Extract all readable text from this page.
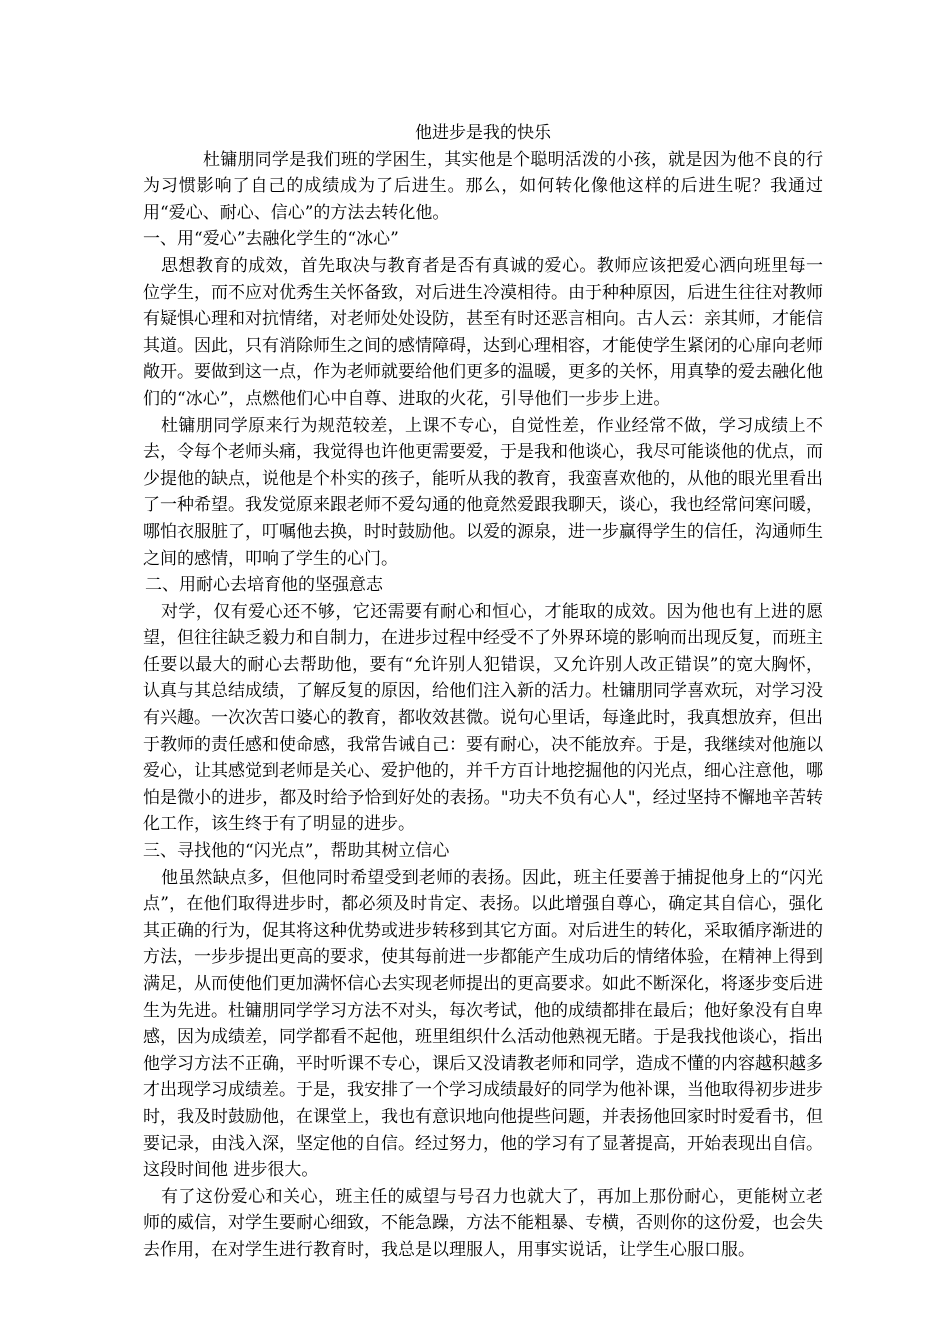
他进步是我的快乐

杜镛朋同学是我们班的学困生，其实他是个聪明活泼的小孩，就是因为他不良的行为习惯影响了自己的成绩成为了后进生。那么，如何转化像他这样的后进生呢？我通过用“爱心、耐心、信心”的方法去转化他。

一、用“爱心”去融化学生的“冰心”

思想教育的成效，首先取决与教育者是否有真诚的爱心。教师应该把爱心洒向班里每一位学生，而不应对优秀生关怀备致，对后进生冷漠相待。由于种种原因，后进生往往对教师有疑惧心理和对抗情绪，对老师处处设防，甚至有时还恶言相向。古人云：亲其师，才能信其道。因此，只有消除师生之间的感情障碍，达到心理相容，才能使学生紧闭的心扉向老师敞开。要做到这一点，作为老师就要给他们更多的温暖，更多的关怀，用真挚的爱去融化他们的“冰心”，点燃他们心中自尊、进取的火花，引导他们一步步上进。

杜镛朋同学原来行为规范较差，上课不专心，自觉性差，作业经常不做，学习成绩上不去，令每个老师头痛，我觉得也许他更需要爱，于是我和他谈心，我尽可能谈他的优点，而少提他的缺点，说他是个朴实的孩子，能听从我的教育，我蛮喜欢他的，从他的眼光里看出了一种希望。我发觉原来跟老师不爱勾通的他竟然爱跟我聊天，谈心，我也经常问寒问暖，哪怕衣服脏了，叮嘱他去换，时时鼓励他。以爱的源泉，进一步赢得学生的信任，沟通师生之间的感情，叩响了学生的心门。

二、用耐心去培育他的坚强意志

对学，仅有爱心还不够，它还需要有耐心和恒心，才能取的成效。因为他也有上进的愿望，但往往缺乏毅力和自制力，在进步过程中经受不了外界环境的影响而出现反复，而班主任要以最大的耐心去帮助他，要有“允许别人犯错误，又允许别人改正错误”的宽大胸怀，认真与其总结成绩，了解反复的原因，给他们注入新的活力。杜镛朋同学喜欢玩，对学习没有兴趣。一次次苦口婆心的教育，都收效甚微。说句心里话，每逢此时，我真想放弃，但出于教师的责任感和使命感，我常告诫自己：要有耐心，决不能放弃。于是，我继续对他施以爱心，让其感觉到老师是关心、爱护他的，并千方百计地挖掘他的闪光点，细心注意他，哪怕是微小的进步，都及时给予恰到好处的表扬。"功夫不负有心人"，经过坚持不懈地辛苦转化工作，该生终于有了明显的进步。

三、寻找他的“闪光点”，帮助其树立信心

他虽然缺点多，但他同时希望受到老师的表扬。因此，班主任要善于捕捉他身上的“闪光点”，在他们取得进步时，都必须及时肯定、表扬。以此增强自尊心，确定其自信心，强化其正确的行为，促其将这种优势或进步转移到其它方面。对后进生的转化，采取循序渐进的方法，一步步提出更高的要求，使其每前进一步都能产生成功后的情绪体验，在精神上得到满足，从而使他们更加满怀信心去实现老师提出的更高要求。如此不断深化，将逐步变后进生为先进。杜镛朋同学学习方法不对头，每次考试，他的成绩都排在最后；他好象没有自卑感，因为成绩差，同学都看不起他，班里组织什么活动他熟视无睹。于是我找他谈心，指出他学习方法不正确，平时听课不专心，课后又没请教老师和同学，造成不懂的内容越积越多才出现学习成绩差。于是，我安排了一个学习成绩最好的同学为他补课，当他取得初步进步时，我及时鼓励他，在课堂上，我也有意识地向他提些问题，并表扬他回家时时爱看书，但要记录，由浅入深，坚定他的自信。经过努力，他的学习有了显著提高，开始表现出自信。这段时间他 进步很大。

有了这份爱心和关心，班主任的威望与号召力也就大了，再加上那份耐心，更能树立老师的威信，对学生要耐心细致，不能急躁，方法不能粗暴、专横，否则你的这份爱，也会失去作用，在对学生进行教育时，我总是以理服人，用事实说话，让学生心服口服。
